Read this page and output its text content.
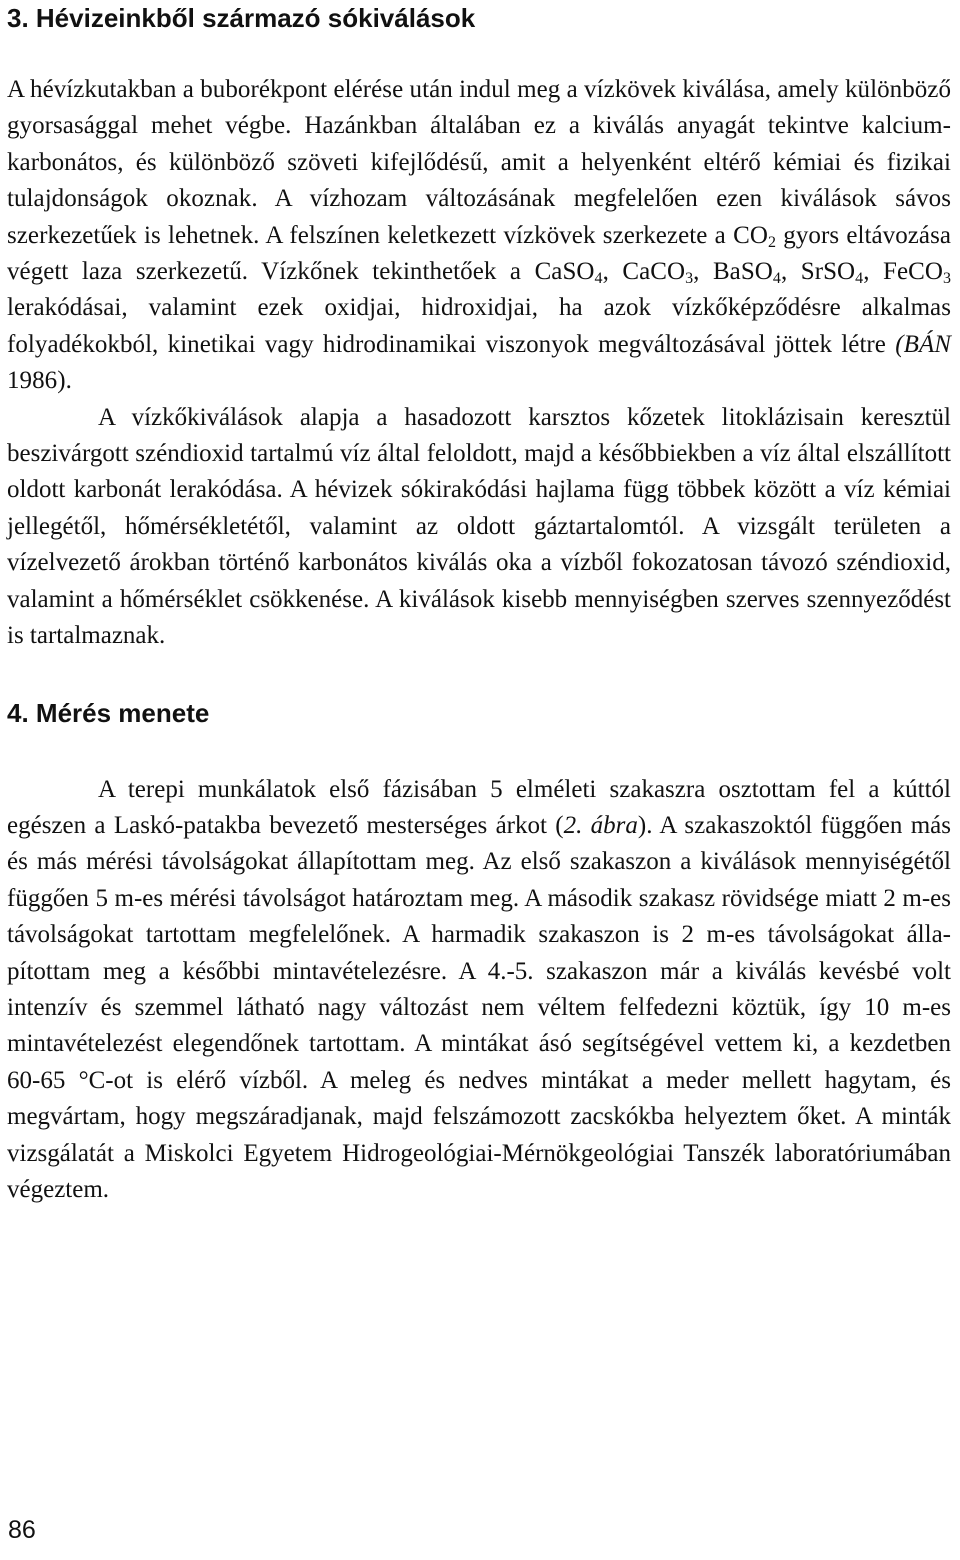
3. Hévizeinkből származó sókiválások

A hévízkutakban a buborékpont elérése után indul meg a vízkövek kiválása, amely különböző gyorsasággal mehet végbe. Hazánkban általában ez a kiválás anyagát tekintve kalcium-karbonátos, és különböző szöveti kifejlődésű, amit a helyenként eltérő kémiai és fizikai tulajdonságok okoznak. A vízhozam változásának megfelelően ezen kiválások sávos szerkezetűek is lehetnek. A felszínen keletkezett vízkövek szerkezete a $CO_2$ gyors eltávozása végett laza szerkezetű. Vízkőnek tekinthetőek a CaSO$_4$, CaCO$_3$, BaSO$_4$, SrSO$_4$, FeCO$_3$ lerakódásai, valamint ezek oxidjai, hidroxidjai, ha azok vízkőképződésre alkalmas folyadékokból, kinetikai vagy hidrodinamikai viszonyok megváltozásával jöttek létre (BÁN 1986).

A vízkőkiválások alapja a hasadozott karsztos kőzetek litoklázisain keresztül beszivárgott széndioxid tartalmú víz által feloldott, majd a későbbiekben a víz által elszállított oldott karbonát lerakódása. A hévizek sókirakódási hajlama függ többek között a víz kémiai jellegétől, hőmérsékletétől, valamint az oldott gáztartalomtól. A vizsgált területen a vízelvezető árokban történő karbonátos kiválás oka a vízből fokozatosan távozó széndioxid, valamint a hőmérséklet csökkenése. A kiválások kisebb mennyiségben szerves szennyeződést is tartalmaznak.

4. Mérés menete

A terepi munkálatok első fázisában 5 elméleti szakaszra osztottam fel a kúttól egészen a Laskó-patakba bevezető mesterséges árkot (2. ábra). A szakaszoktól függően más és más mérési távolságokat állapítottam meg. Az első szakaszon a kiválások mennyiségétől függően 5 m-es mérési távolságot határoztam meg. A második szakasz rövidsége miatt 2 m-es távolságokat tartottam megfelelőnek. A harmadik szakaszon is 2 m-es távolságokat állapítottam meg a későbbi mintavételezésre. A 4.-5. szakaszon már a kiválás kevésbé volt intenzív és szemmel látható nagy változást nem véltem felfedezni köztük, így 10 m-es mintavételezést elegendőnek tartottam. A mintákat ásó segítségével vettem ki, a kezdetben 60-65 °C-ot is elérő vízből. A meleg és nedves mintákat a meder mellett hagytam, és megvártam, hogy megszáradjanak, majd felszámozott zacskókba helyeztem őket. A minták vizsgálatát a Miskolci Egyetem Hidrogeológiai-Mérnökgeológiai Tanszék laboratóriumában végeztem.

86
